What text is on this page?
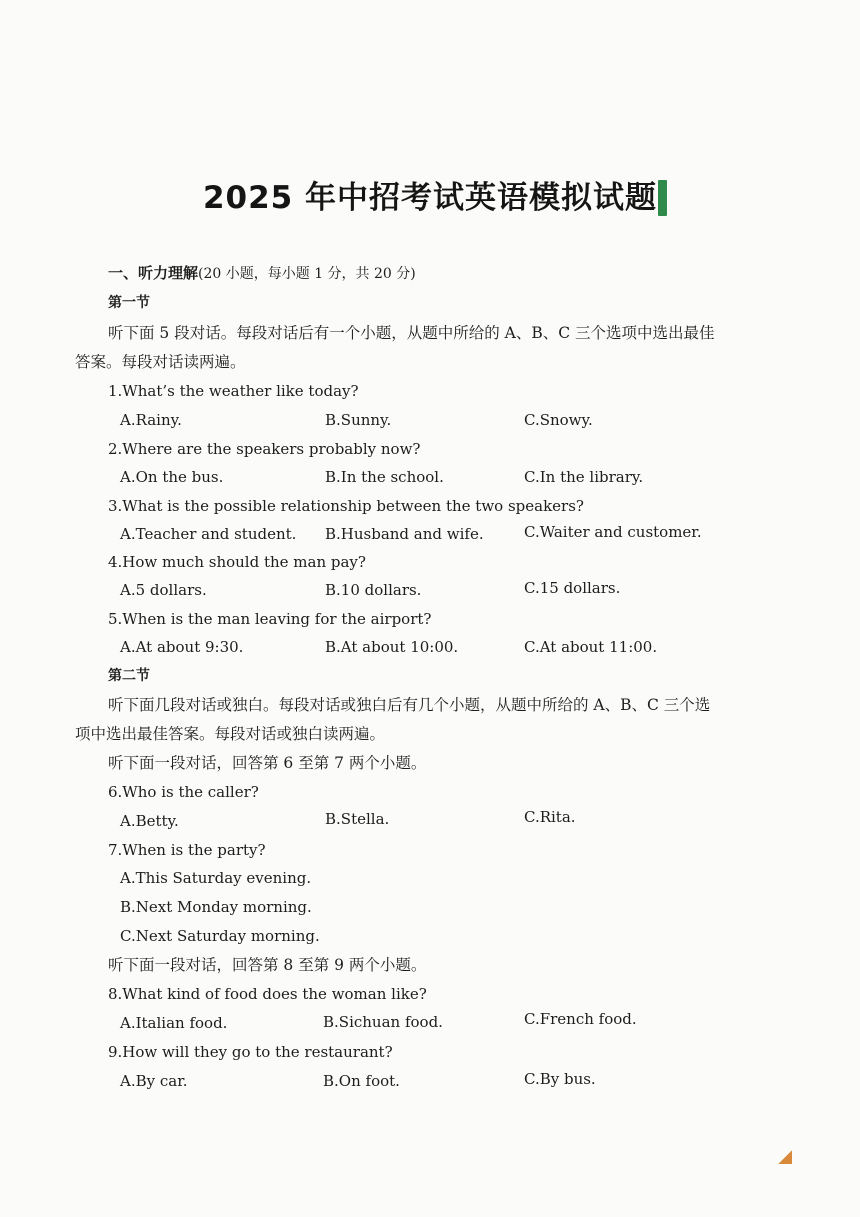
2025 年中招考试英语模拟试题
一、听力理解(20 小题，每小题 1 分，共 20 分)
第一节
听下面 5 段对话。每段对话后有一个小题，从题中所给的 A、B、C 三个选项中选出最佳
答案。每段对话读两遍。
1.What’s the weather like today?
A.Rainy.	B.Sunny.	C.Snowy.
2.Where are the speakers probably now?
A.On the bus.	B.In the school.	C.In the library.
3.What is the possible relationship between the two speakers?
A.Teacher and student. B.Husband and wife.	C.Waiter and customer.
4.How much should the man pay?
A.5 dollars.	B.10 dollars.	C.15 dollars.
5.When is the man leaving for the airport?
A.At about 9:30.	B.At about 10:00.	C.At about 11:00.
第二节
听下面几段对话或独白。每段对话或独白后有几个小题，从题中所给的 A、B、C 三个选
项中选出最佳答案。每段对话或独白读两遍。
听下面一段对话，回答第 6 至第 7 两个小题。
6.Who is the caller?
A.Betty.	B.Stella.	C.Rita.
7.When is the party?
A.This Saturday evening.
B.Next Monday morning.
C.Next Saturday morning.
听下面一段对话，回答第 8 至第 9 两个小题。
8.What kind of food does the woman like?
A.Italian food.	B.Sichuan food.	C.French food.
9.How will they go to the restaurant?
A.By car.	B.On foot.	C.By bus.
